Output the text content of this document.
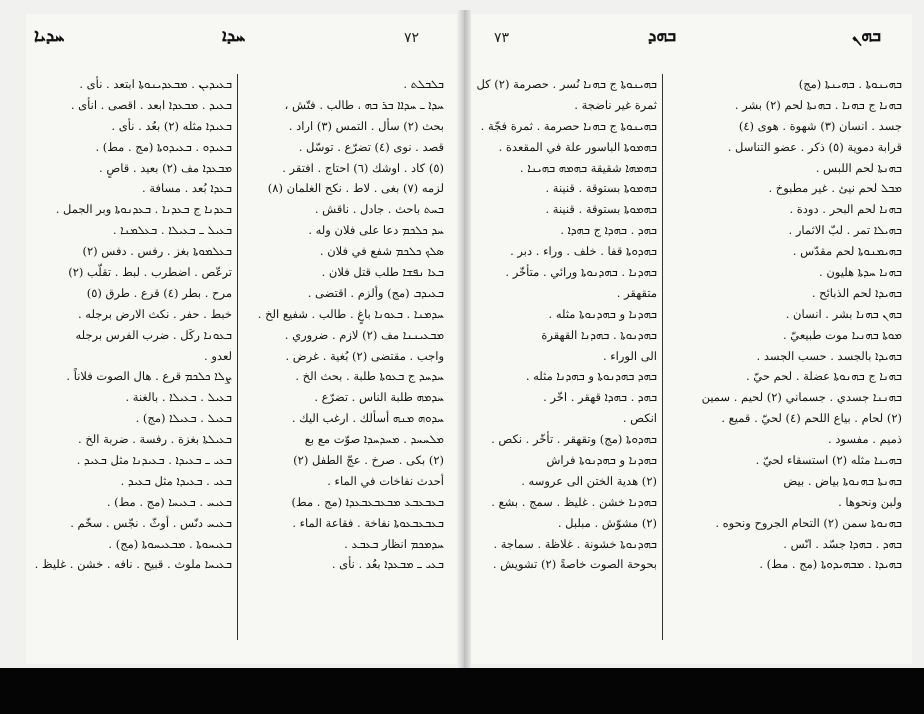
ܚܕܝܐ	ܚܕܐ	٧٢	٧٣	ܒܗܕ	ܒܗܢ
ܒܠܒܠܬ .
ܚܕܐ ـ ܚܕܐܐ ܒܪ ܒܗ ، طالب . فتّش ،
بحث (٢) سأل . التمس (٣) اراد .
قصد . نوى (٤) تضرّع . توسّل .
(٥) كاد . اوشك (٦) احتاج . افتقر .
لزمه (٧) بغى . لاط . نكح الغلمان (٨)
ܒܚܬ باحث . جادل . ناقش .
ܚܕ ܟܠܟܡ دعا على فلان وله .
ܣܠܟ ܟܠܟܡ شفع في فلان .
ܒܥܐ ܢܦܫܐ طلب قتل فلان .
ܒܥܝܕܒ (مج) وألزم . اقتضى .
ܚܕܡܢܐ . ܒܥܘܢܐ باغٍ . طالب . شفيع الخ .
ܡܒܥܝܢܢܐ مف (٢) لازم . ضروري .
واجب . مقتضى (٢) بُغية . غرض .
ܚܕܚܕ ج ܒܥܘܬܐ طلبة . بحث الخ .
ܚܕܡܗ طلبة الناس . تضرّع .
ܚܕܘܗ ܡܢܗ أسألك . ارغب اليك .
ܡܠܚܚܕ . ܡܚܕܚܕܐ صوّت مع بع
(٢) بكى . صرخ . عجّ الطفل (٢)
أحدث نفاخات في الماء .
ܒܥܒܥܒܥ ܡܒܥܒܥܒܥܕܐ (مج . مط)
ܒܥܒܥܒܥܘܬܐ نفاخة . فقاعة الماء .
ܚܕܡܟܡ انظار ܒܥܒܥ .
ܒܥܝ ـ ܡܒܥܕܐ بعُد . نأى .
ܒܥܝܕܝܢ . ܡܒܥܕܝܢܘܬܐ ابتعد . نأى .
ܒܥܝܕ . ܡܒܥܕܐ ابعد . اقصى . انأى .
ܒܥܝܕܐ مثله (٢) بعُد . نأى .
ܒܥܝܕܘ . ܒܥܝܕܘܬܐ (مج . مط) .
ܡܒܥܕܐ مف (٢) بعيد . قاصٍ .
ܒܥܕܐ بُعد . مسافة .
ܒܥܕܢܐ ج ܒܥܕܢܐ . ܒܥܕܢܘܬܐ وبر الجمل .
ܒܥܝܠ ـ ܒܥܝܠܐ . ܒܥܠܡܢܐ .
ܒܥܠܡܘܬܐ بغز . رفس . دفس (٢)
ترعّص . اضطرب . لبط . تقلّب (٢)
مرح . بطر (٤) قرع . طرق (٥)
خبط . حفر . نكث الارض برجله .
ܒܥܘܢܐ ركَل . ضرب الفرس برجله
لعدو .
ܨܠܐ ܟܠܟܡ قرع . هال الصوت فلاناً .
ܒܥܝܠ . ܒܥܝܠܐ . بالغنة .
ܒܥܝܠ . ܒܥܝܠܐ (مج) .
ܒܥܝܠܬܐ بغزة . رفسة . ضربة الخ .
ܒܥܝ ـ ܒܥܝܕܐ . ܒܥܝܕܢܐ مثل ܒܥܝܕ .
ܒܥܝ . ܒܥܝܕܐ مثل ܒܥܝܕ .
ܒܥܝܚ . ܒܥܝܚܐ (مج . مط) .
ܒܥܝܚ دنّس . أوثّ . نجّس . سخّم .
ܒܥܝܚܘܬܐ . ܡܒܥܝܚܘܬܐ (مج) .
ܒܥܝܚܐ ملوث . قبيح . نافه . خشن . غليظ .
ܒܗܝܢܘܬܐ . ܒܗܝܢܬܐ (مج)
ܒܗܢܐ ج ܒܗܢܐ . ܒܗܢܬܐ لحم (٢) بشر .
جسد . انسان (٣) شهوة . هوى (٤)
قرابة دموية (٥) ذكر . عضو التناسل .
ܒܗܢܬܐ لحم اللبس .
ܡܒܠ لحم نيئ . غير مطبوخ .
ܒܗܢܐ لحم البحر . دودة .
ܒܗܝܠܐ تمر . لبّ الاثمار .
ܒܗܝܡܢܘܬܐ لحم مقدّس .
ܒܗܢܐ ܚܕܬܐ هليون .
ܒܗܝܕܐ لحم الذبائح .
ܒܗܢ ܒܗܢܐ بشر . انسان .
ܡܘܬܐ ܒܗܢܝܐ موت طبيعيّ .
ܒܗܝܕܐ بالجسد . حسب الجسد .
ܒܗܢܐ ج ܒܗܢܘܬܐ عضلة . لحم حيّ .
ܒܗܢܢܐ جسدي . جسماني (٢) لحيم . سمين
(٢) لحام . بياع اللحم (٤) لحيّ . قميع .
ذميم . مفسود .
ܒܗܝܢܐ مثله (٢) استسقاء لحيّ .
ܒܗܢܬܐ ܒܗܢܘܬܐ بياض . بيض
ولبن ونحوها .
ܒܗܢܘܬܐ سمن (٢) التحام الجروح ونحوه .
ܒܗܕ . ܒܗܕܐ جسّد . انّس .
ܒܗܝܕܐ . ܡܒܗܝܕܘܬܐ (مج . مط) .
ܒܗܝܢܘܬܐ ج ܒܗܢܐ نُسر . حصرمة (٢) كل
ثمرة غير ناضجة .
ܒܗܝܢܘܬܐ ج ܒܗܢܐ حصرمة . ثمرة فجّة .
ܒܗܡܘܬܐ الباسور علة في المقعدة .
ܒܗܡܗܐ شقيقة ܒܗܡܗ ܒܗܝܢܐ .
ܒܗܡܘܬܐ بستوقة . قنينة .
ܒܗܡܘܬܐ بستوقة . قنينة .
ܒܗܕ . ܒܗܕܐ ج ܒܗܕܐ .
ܒܗܕܘܬܐ قفا . خلف . وراء . دبر .
ܒܗܕܢܐ . ܒܗܕܢܘܬܐ ورائي . متأخّر .
متقهقر .
ܒܗܕܢܐ و ܒܗܕܢܘܬܐ مثله .
ܒܗܕܢܘܬܐ . ܒܗܕܢܐ القهقرة
الى الوراء .
ܒܗܕ ܒܗܕܢܘܬܐ و ܒܗܕܢܐ مثله .
ܒܗܕ . ܒܗܕܐ قهقر . اخّر .
انكص .
ܒܗܕܘܬܐ (مج) وتقهقر . تأخّر . نكص .
ܒܗܕܢܐ و ܒܗܕܢܘܬܐ فراش
(٢) هدية الختن الى عروسه .
ܒܗܕܢܐ خشن . غليظ . سمج . بشع .
(٢) مشوّش . مبلبل .
ܒܗܕܢܘܬܐ خشونة . غلاظة . سماجة .
بحوحة الصوت خاصةً (٢) تشويش .
